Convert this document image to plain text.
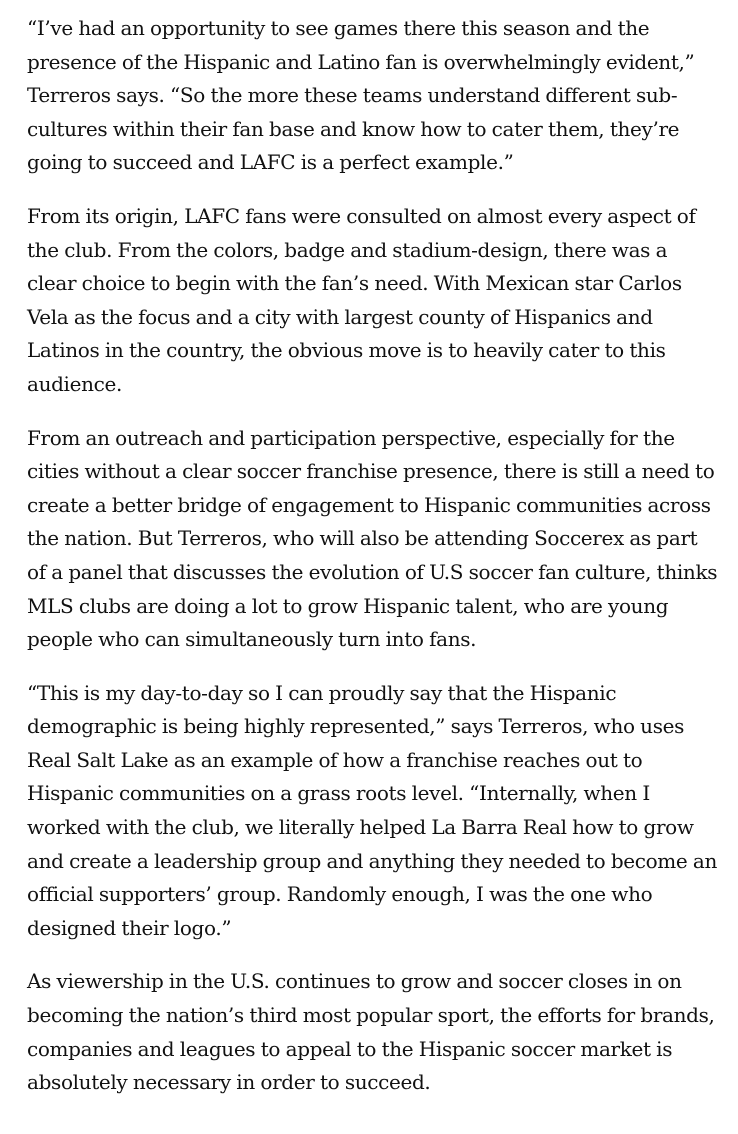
“I’ve had an opportunity to see games there this season and the presence of the Hispanic and Latino fan is overwhelmingly evident,” Terreros says. “So the more these teams understand different sub-cultures within their fan base and know how to cater them, they’re going to succeed and LAFC is a perfect example.”

From its origin, LAFC fans were consulted on almost every aspect of the club. From the colors, badge and stadium-design, there was a clear choice to begin with the fan’s need. With Mexican star Carlos Vela as the focus and a city with largest county of Hispanics and Latinos in the country, the obvious move is to heavily cater to this audience.

From an outreach and participation perspective, especially for the cities without a clear soccer franchise presence, there is still a need to create a better bridge of engagement to Hispanic communities across the nation. But Terreros, who will also be attending Soccerex as part of a panel that discusses the evolution of U.S soccer fan culture, thinks MLS clubs are doing a lot to grow Hispanic talent, who are young people who can simultaneously turn into fans.

“This is my day-to-day so I can proudly say that the Hispanic demographic is being highly represented,” says Terreros, who uses Real Salt Lake as an example of how a franchise reaches out to Hispanic communities on a grass roots level. “Internally, when I worked with the club, we literally helped La Barra Real how to grow and create a leadership group and anything they needed to become an official supporters’ group. Randomly enough, I was the one who designed their logo.”

As viewership in the U.S. continues to grow and soccer closes in on becoming the nation’s third most popular sport, the efforts for brands, companies and leagues to appeal to the Hispanic soccer market is absolutely necessary in order to succeed.
